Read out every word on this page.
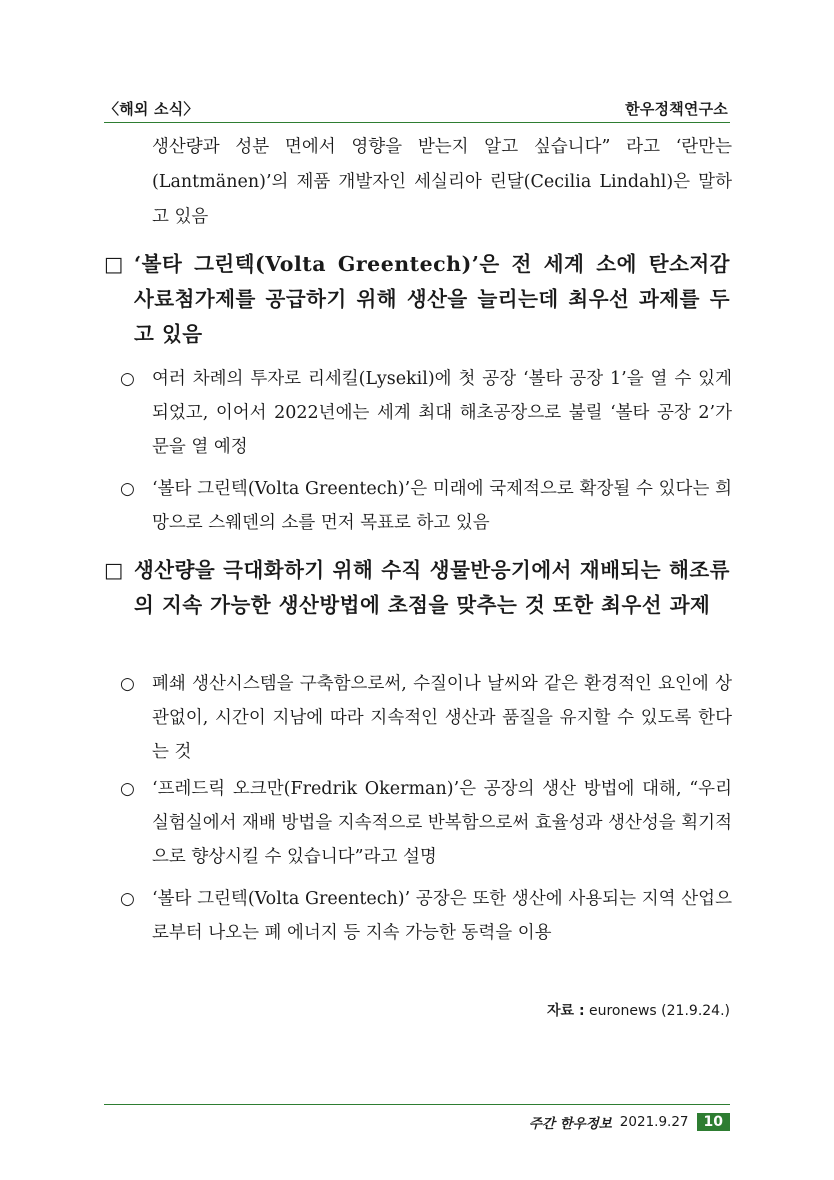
〈해외 소식〉	한우정책연구소
생산량과 성분 면에서 영향을 받는지 알고 싶습니다” 라고 ‘란만는(Lantmänen)’의 제품 개발자인 세실리아 린달(Cecilia Lindahl)은 말하고 있음
□ ‘볼타 그린텍(Volta Greentech)’은 전 세계 소에 탄소저감 사료첨가제를 공급하기 위해 생산을 늘리는데 최우선 과제를 두고 있음
○ 여러 차례의 투자로 리세킬(Lysekil)에 첫 공장 ‘볼타 공장 1’을 열 수 있게 되었고, 이어서 2022년에는 세계 최대 해초공장으로 불릴 ‘볼타 공장 2’가 문을 열 예정
○ ‘볼타 그린텍(Volta Greentech)’은 미래에 국제적으로 확장될 수 있다는 희망으로 스웨덴의 소를 먼저 목표로 하고 있음
□ 생산량을 극대화하기 위해 수직 생물반응기에서 재배되는 해조류의 지속 가능한 생산방법에 초점을 맞추는 것 또한 최우선 과제
○ 폐쇄 생산시스템을 구축함으로써, 수질이나 날씨와 같은 환경적인 요인에 상관없이, 시간이 지남에 따라 지속적인 생산과 품질을 유지할 수 있도록 한다는 것
○ ‘프레드릭 오크만(Fredrik Okerman)’은 공장의 생산 방법에 대해, “우리 실험실에서 재배 방법을 지속적으로 반복함으로써 효율성과 생산성을 획기적으로 향상시킬 수 있습니다”라고 설명
○ ‘볼타 그린텍(Volta Greentech)’ 공장은 또한 생산에 사용되는 지역 산업으로부터 나오는 폐 에너지 등 지속 가능한 동력을 이용
자료 : euronews (21.9.24.)
주간 한우정보 2021.9.27	10
